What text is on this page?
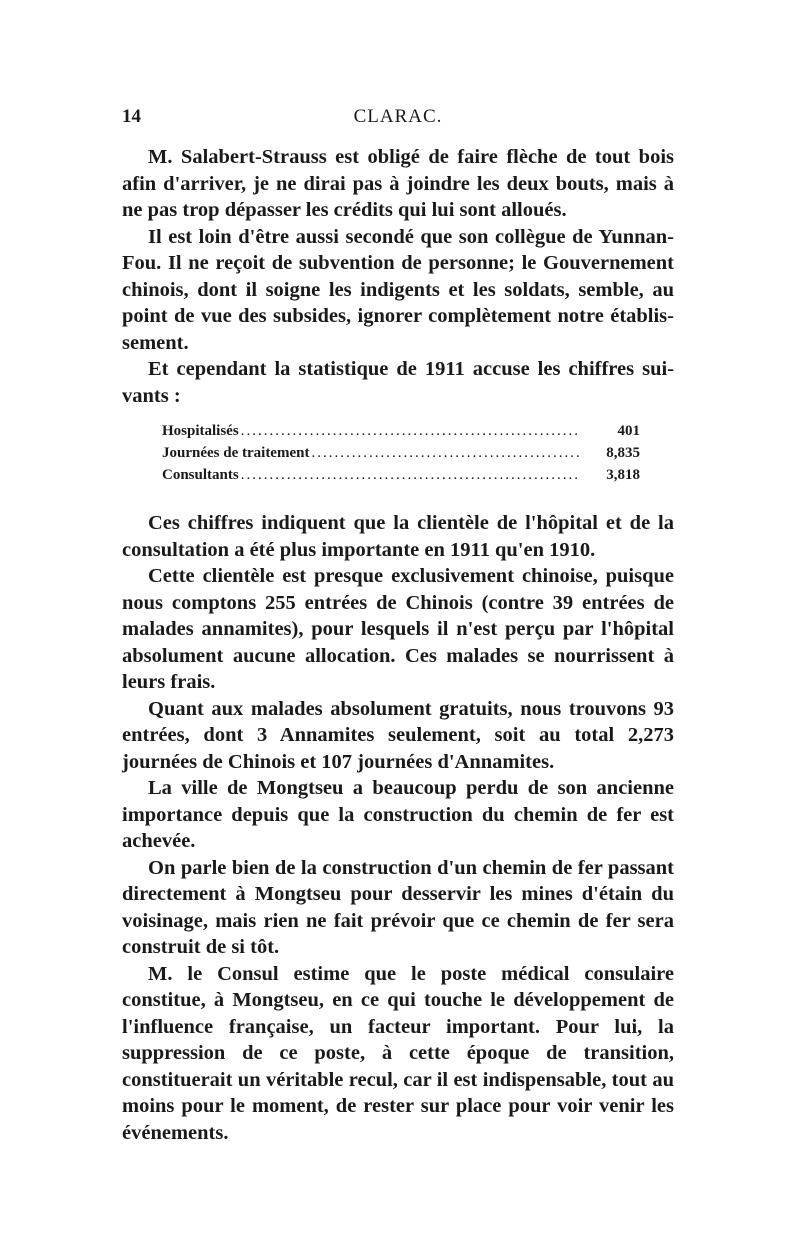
14	CLARAC.

M. Salabert-Strauss est obligé de faire flèche de tout bois afin d'arriver, je ne dirai pas à joindre les deux bouts, mais à ne pas trop dépasser les crédits qui lui sont alloués.

Il est loin d'être aussi secondé que son collègue de Yunnan-Fou. Il ne reçoit de subvention de personne; le Gouvernement chinois, dont il soigne les indigents et les soldats, semble, au point de vue des subsides, ignorer complètement notre établis-sement.

Et cependant la statistique de 1911 accuse les chiffres sui-vants :

Hospitalisés .....	401
Journées de traitement .....	8,835
Consultants .....	3,818

Ces chiffres indiquent que la clientèle de l'hôpital et de la consultation a été plus importante en 1911 qu'en 1910.

Cette clientèle est presque exclusivement chinoise, puisque nous comptons 255 entrées de Chinois (contre 39 entrées de malades annamites), pour lesquels il n'est perçu par l'hôpital absolument aucune allocation. Ces malades se nourrissent à leurs frais.

Quant aux malades absolument gratuits, nous trouvons 93 entrées, dont 3 Annamites seulement, soit au total 2,273 journées de Chinois et 107 journées d'Annamites.

La ville de Mongtseu a beaucoup perdu de son ancienne importance depuis que la construction du chemin de fer est achevée.

On parle bien de la construction d'un chemin de fer passant directement à Mongtseu pour desservir les mines d'étain du voisinage, mais rien ne fait prévoir que ce chemin de fer sera construit de si tôt.

M. le Consul estime que le poste médical consulaire constitue, à Mongtseu, en ce qui touche le développement de l'influence française, un facteur important. Pour lui, la suppression de ce poste, à cette époque de transition, constituerait un véritable recul, car il est indispensable, tout au moins pour le moment, de rester sur place pour voir venir les événements.
